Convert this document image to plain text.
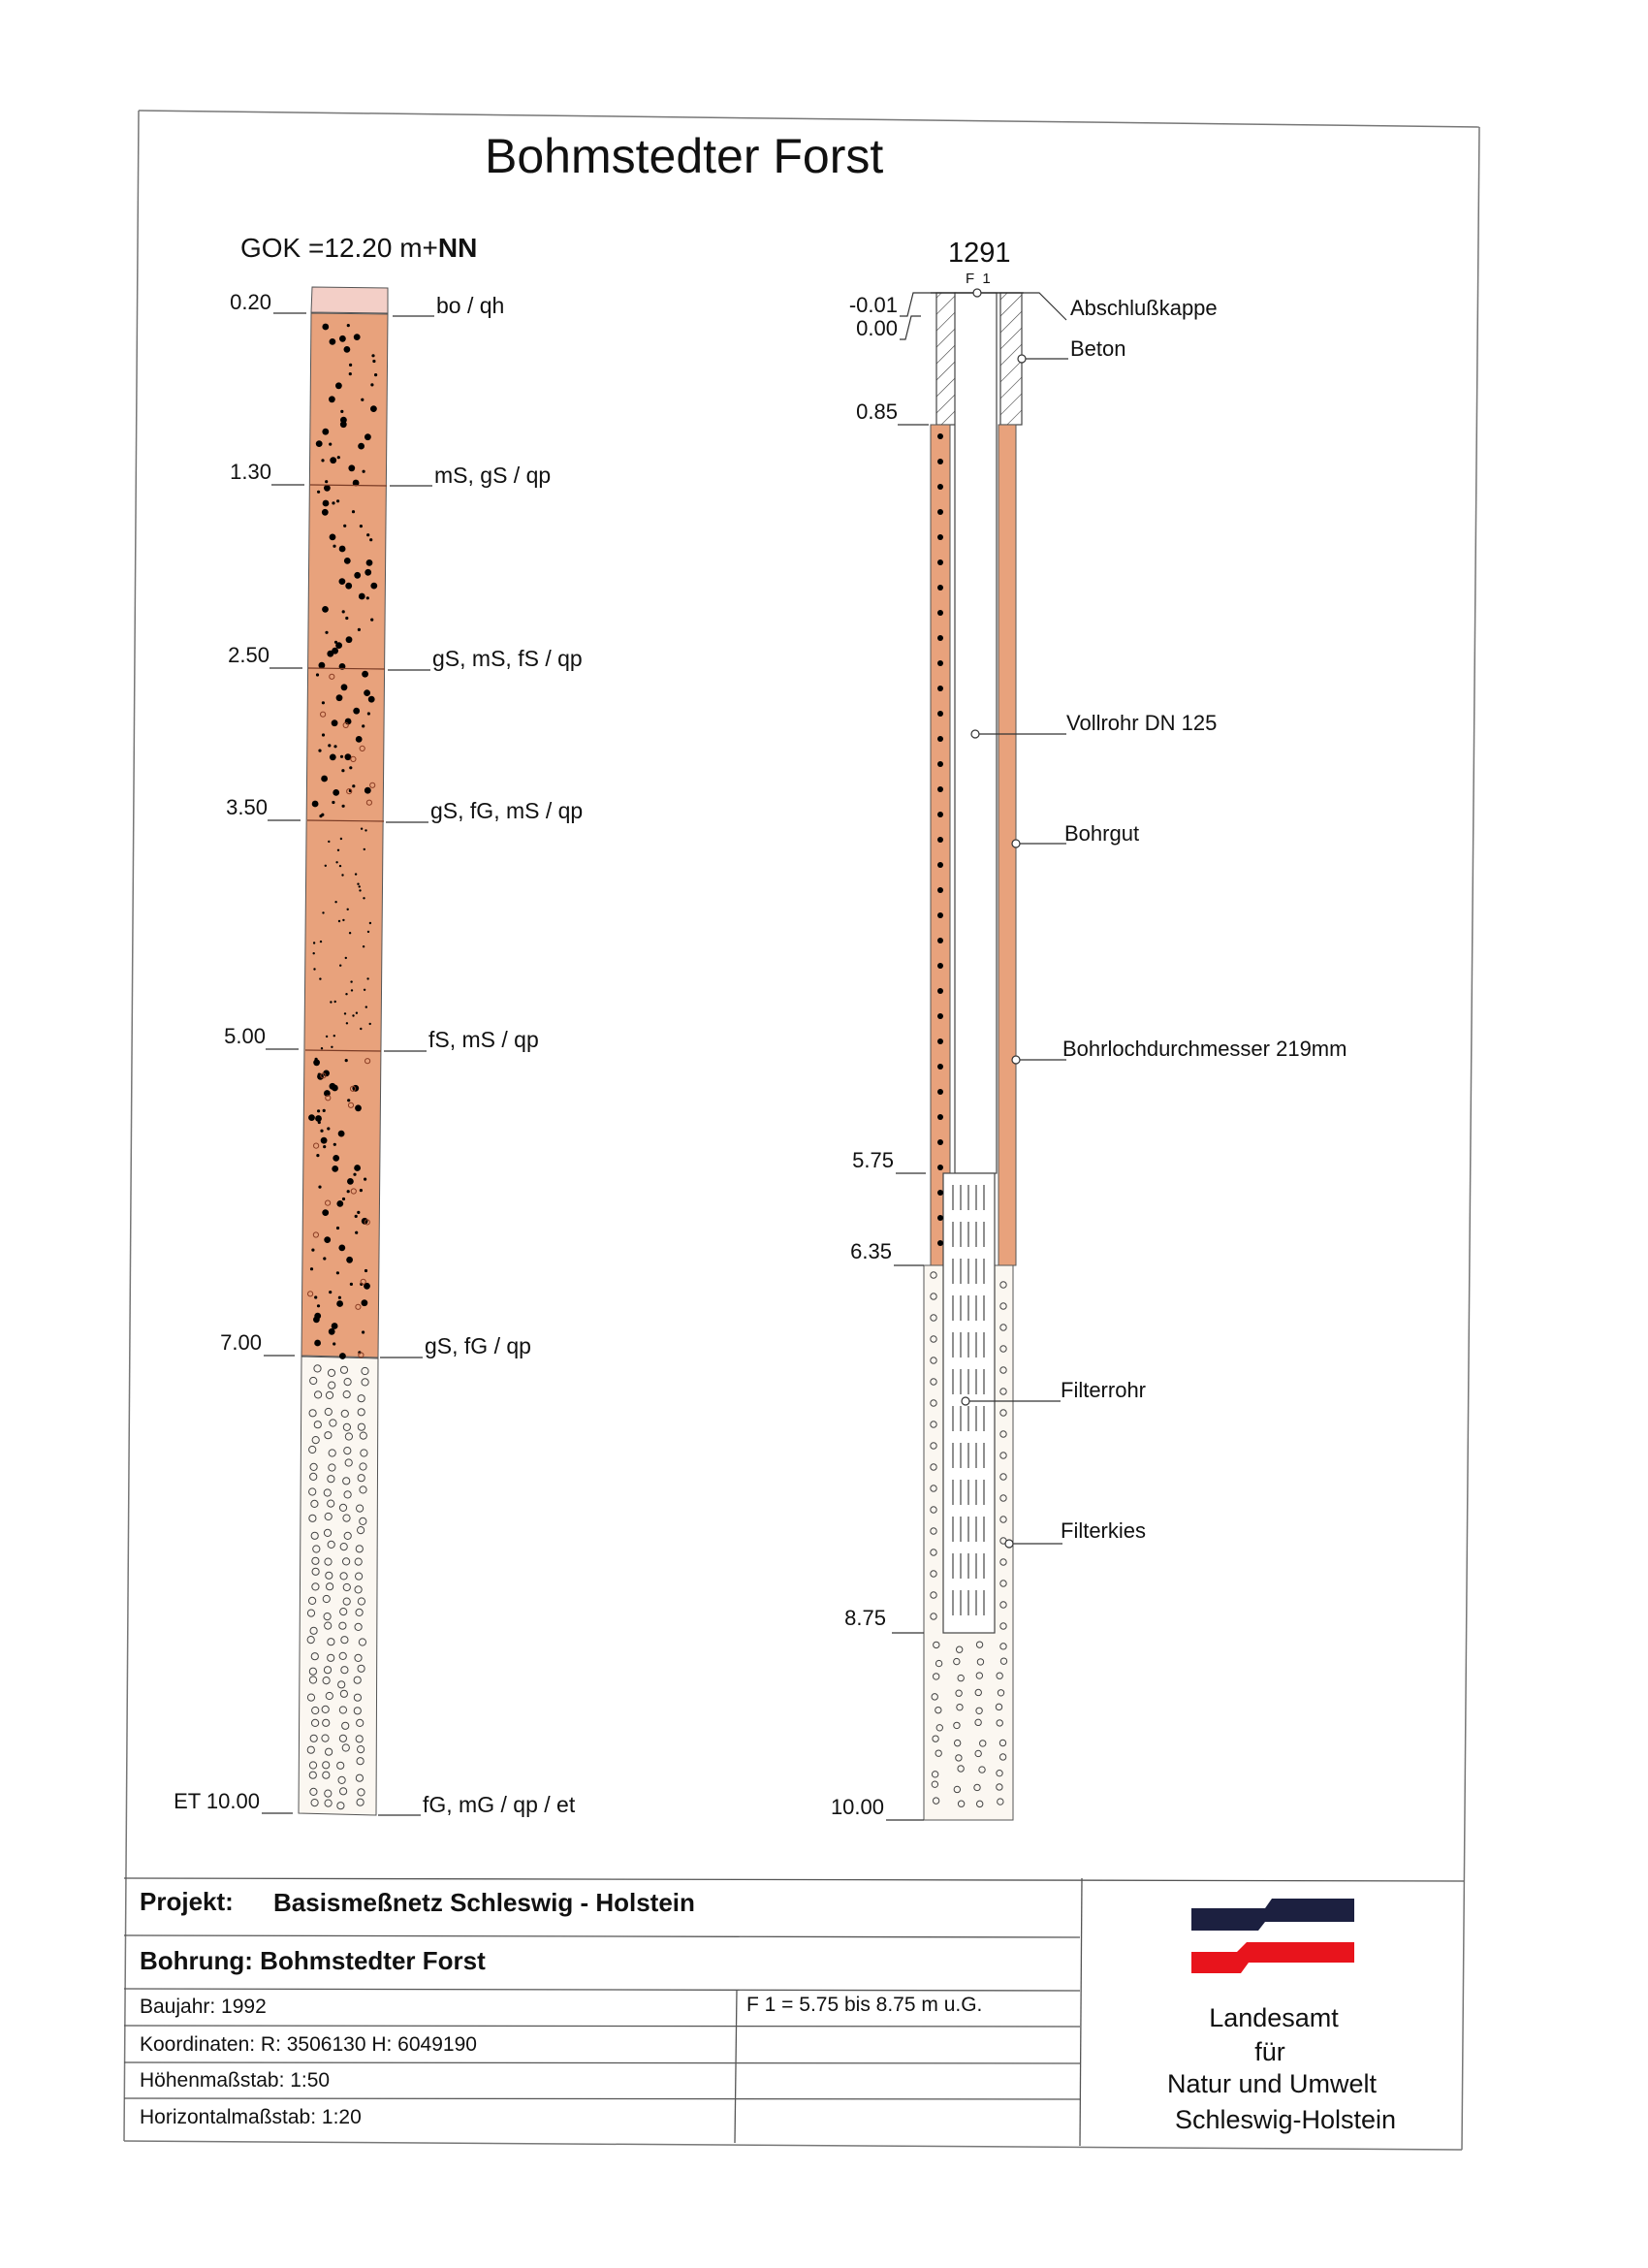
Bohmstedter Forst
GOK =12.20 m+NN
0.20
1.30
2.50
3.50
5.00
7.00
ET 10.00
bo / qh
mS, gS / qp
gS, mS, fS / qp
gS, fG, mS / qp
fS, mS / qp
gS, fG / qp
fG, mG / qp / et
1291
F 1
-0.01
0.00
0.85
5.75
6.35
8.75
10.00
Abschlußkappe
Beton
Vollrohr DN 125
Bohrgut
Bohrlochdurchmesser 219mm
Filterrohr
Filterkies
Projekt: Basismeßnetz Schleswig - Holstein
Bohrung: Bohmstedter Forst
Baujahr: 1992
Koordinaten: R: 3506130 H: 6049190
Höhenmaßstab: 1:50
Horizontalmaßstab: 1:20
F 1 = 5.75 bis 8.75 m u.G.	Landesamt
für
Natur und Umwelt
Schleswig-Holstein
